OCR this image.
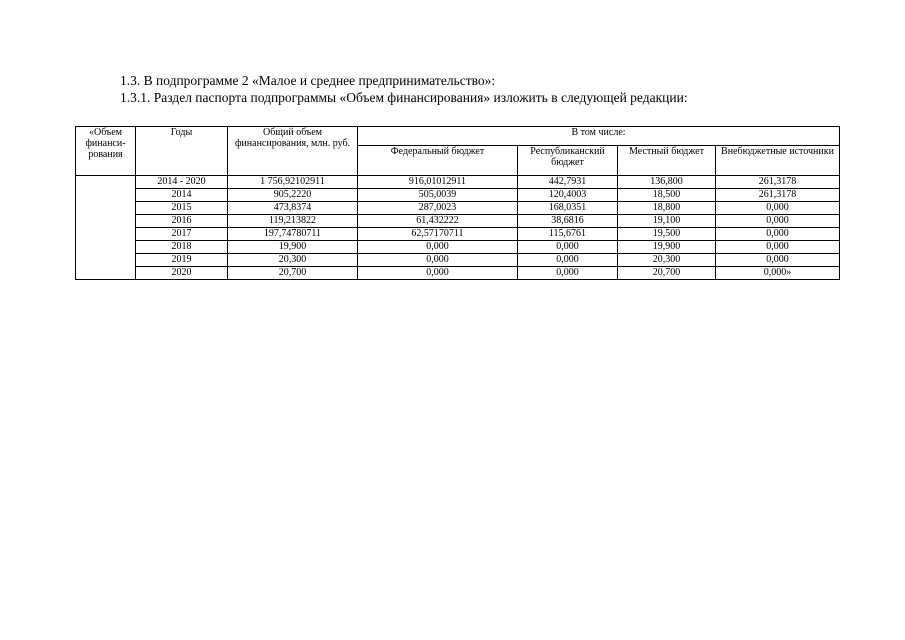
1.3. В подпрограмме 2 «Малое и среднее предпринимательство»:

1.3.1. Раздел паспорта подпрограммы «Объем финансирования» изложить в следующей редакции:

«Объем финанси-рования	Годы	Общий объем финансирования, млн. руб.	В том числе:			
			Федеральный бюджет	Республиканский бюджет	Местный бюджет	Внебюджетные источники
	2014 - 2020	1 756,92102911	916,01012911	442,7931	136,800	261,3178
	2014	905,2220	505,0039	120,4003	18,500	261,3178
	2015	473,8374	287,0023	168,0351	18,800	0,000
	2016	119,213822	61,432222	38,6816	19,100	0,000
	2017	197,74780711	62,57170711	115,6761	19,500	0,000
	2018	19,900	0,000	0,000	19,900	0,000
	2019	20,300	0,000	0,000	20,300	0,000
	2020	20,700	0,000	0,000	20,700	0,000»
